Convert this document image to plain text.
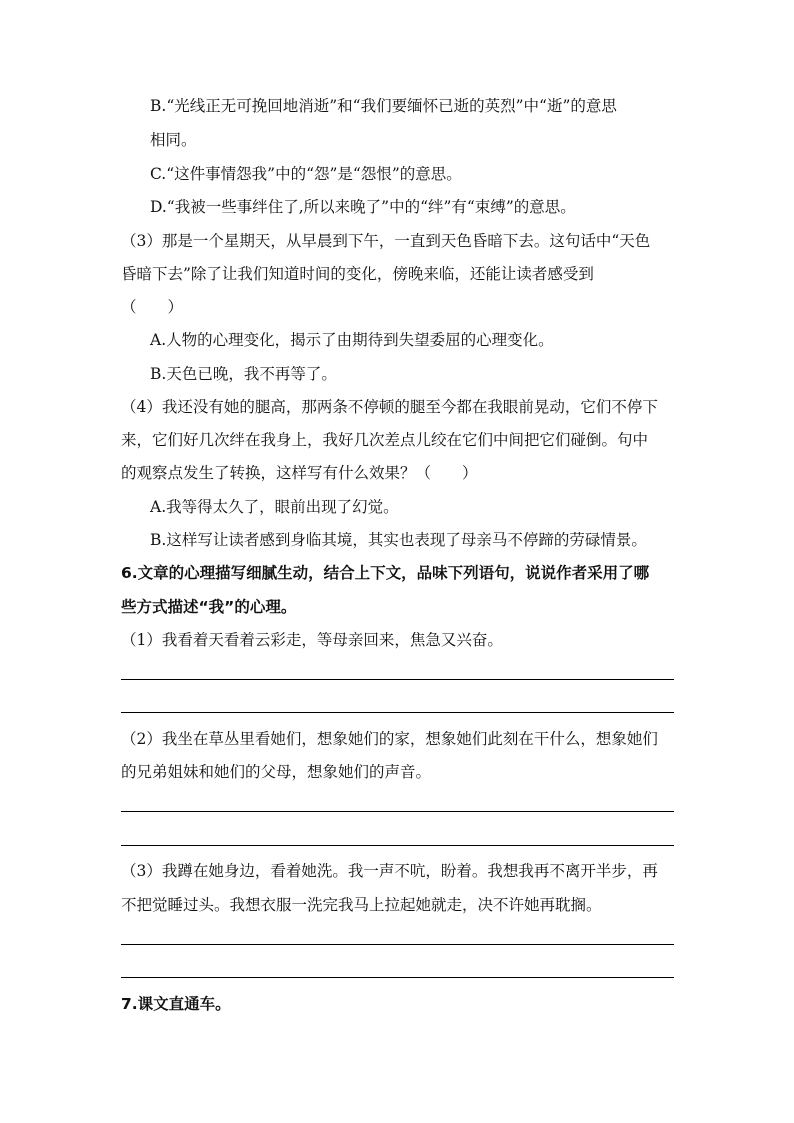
B.“光线正无可挽回地消逝”和“我们要缅怀已逝的英烈”中“逝”的意思
相同。
C.“这件事情怨我”中的“怨”是“怨恨”的意思。
D.“我被一些事绊住了,所以来晚了”中的“绊”有“束缚”的意思。
（3）那是一个星期天，从早晨到下午，一直到天色昏暗下去。这句话中“天色
昏暗下去”除了让我们知道时间的变化，傍晚来临，还能让读者感受到
（　　）
A.人物的心理变化，揭示了由期待到失望委屈的心理变化。
B.天色已晚，我不再等了。
（4）我还没有她的腿高，那两条不停顿的腿至今都在我眼前晃动，它们不停下
来，它们好几次绊在我身上，我好几次差点儿绞在它们中间把它们碰倒。句中
的观察点发生了转换，这样写有什么效果？（　　）
A.我等得太久了，眼前出现了幻觉。
B.这样写让读者感到身临其境，其实也表现了母亲马不停蹄的劳碌情景。
6.文章的心理描写细腻生动，结合上下文，品味下列语句，说说作者采用了哪
些方式描述“我”的心理。
（1）我看着天看着云彩走，等母亲回来，焦急又兴奋。
（2）我坐在草丛里看她们，想象她们的家，想象她们此刻在干什么，想象她们
的兄弟姐妹和她们的父母，想象她们的声音。
（3）我蹲在她身边，看着她洗。我一声不吭，盼着。我想我再不离开半步，再
不把觉睡过头。我想衣服一洗完我马上拉起她就走，决不许她再耽搁。
7.课文直通车。
